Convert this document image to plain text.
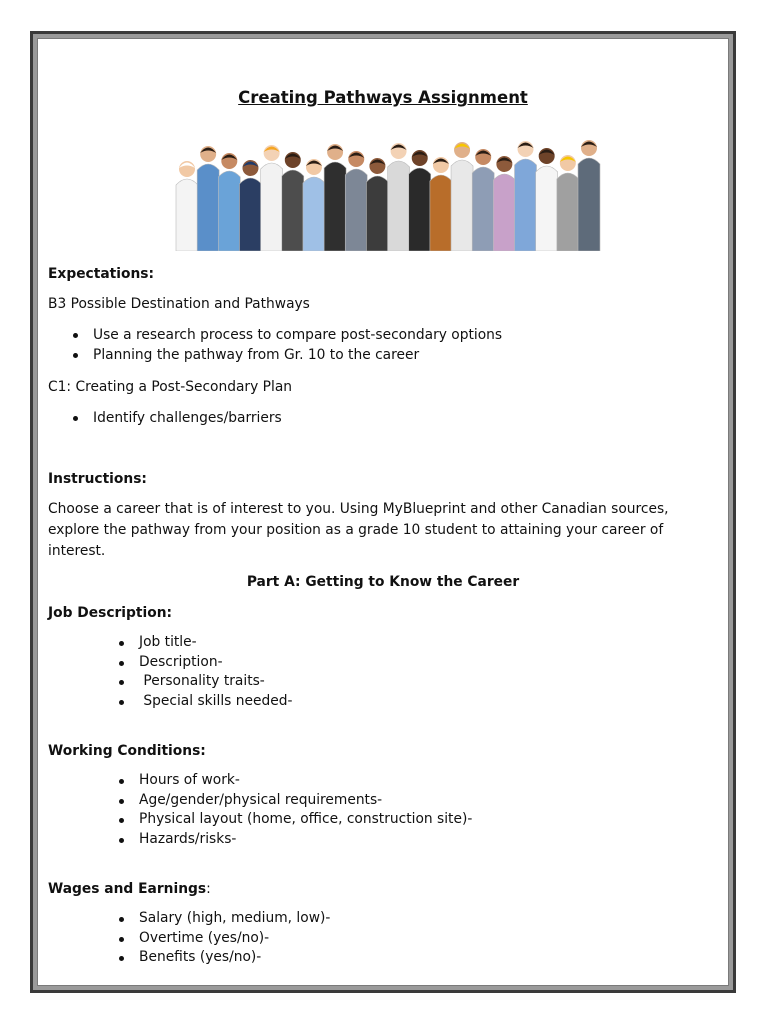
Creating Pathways Assignment
Expectations:
B3 Possible Destination and Pathways
Use a research process to compare post-secondary options
Planning the pathway from Gr. 10 to the career
C1: Creating a Post-Secondary Plan
Identify challenges/barriers
Instructions:
Choose a career that is of interest to you. Using MyBlueprint and other Canadian sources, explore the pathway from your position as a grade 10 student to attaining your career of interest.
Part A: Getting to Know the Career
Job Description:
Job title-
Description-
Personality traits-
Special skills needed-
Working Conditions:
Hours of work-
Age/gender/physical requirements-
Physical layout (home, office, construction site)-
Hazards/risks-
Wages and Earnings:
Salary (high, medium, low)-
Overtime (yes/no)-
Benefits (yes/no)-
